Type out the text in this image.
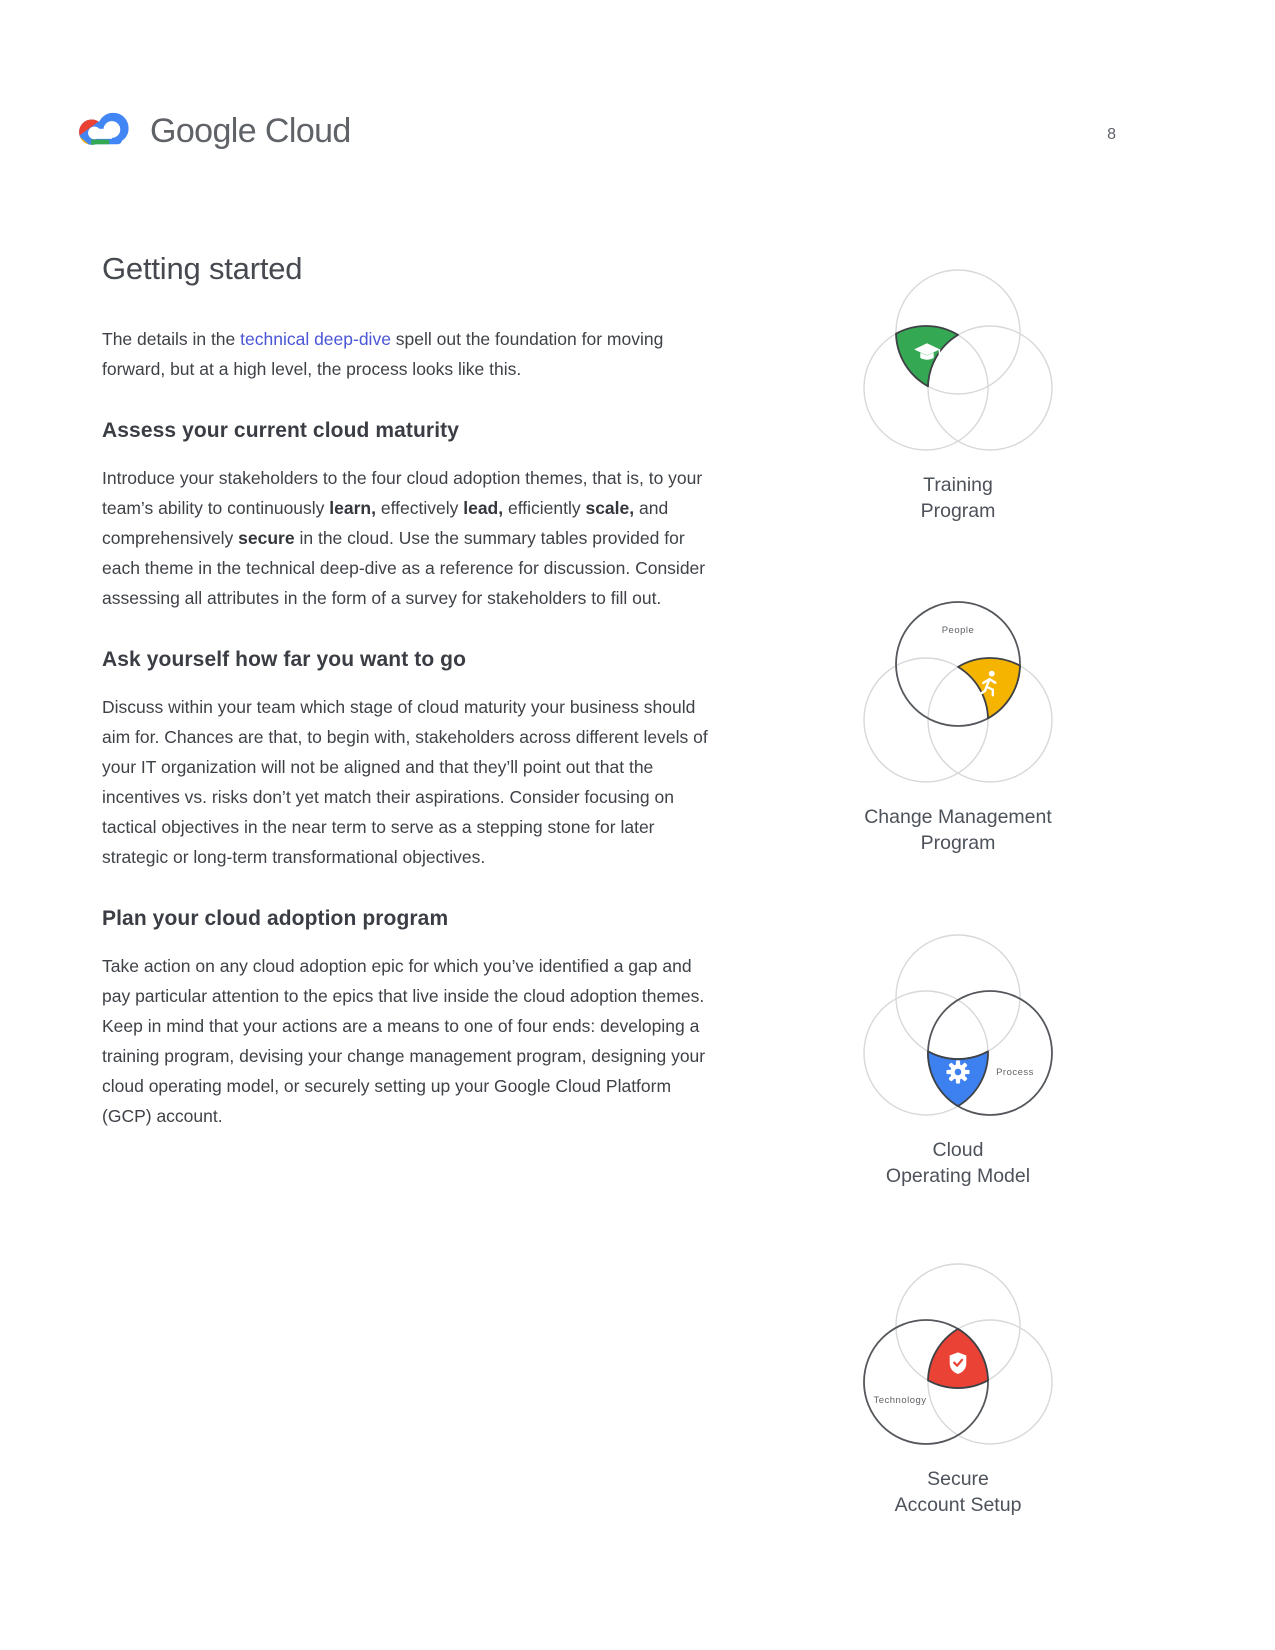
Google Cloud	8
Getting started

The details in the technical deep-dive spell out the foundation for moving forward, but at a high level, the process looks like this.

Assess your current cloud maturity

Introduce your stakeholders to the four cloud adoption themes, that is, to your team’s ability to continuously learn, effectively lead, efficiently scale, and comprehensively secure in the cloud. Use the summary tables provided for each theme in the technical deep-dive as a reference for discussion. Consider assessing all attributes in the form of a survey for stakeholders to fill out.

Ask yourself how far you want to go

Discuss within your team which stage of cloud maturity your business should aim for. Chances are that, to begin with, stakeholders across different levels of your IT organization will not be aligned and that they’ll point out that the incentives vs. risks don’t yet match their aspirations. Consider focusing on tactical objectives in the near term to serve as a stepping stone for later strategic or long-term transformational objectives.

Plan your cloud adoption program

Take action on any cloud adoption epic for which you’ve identified a gap and pay particular attention to the epics that live inside the cloud adoption themes. Keep in mind that your actions are a means to one of four ends: developing a training program, devising your change management program, designing your cloud operating model, or securely setting up your Google Cloud Platform (GCP) account.

Training
Program
People
Change Management
Program
Process
Cloud
Operating Model
Technology
Secure
Account Setup
